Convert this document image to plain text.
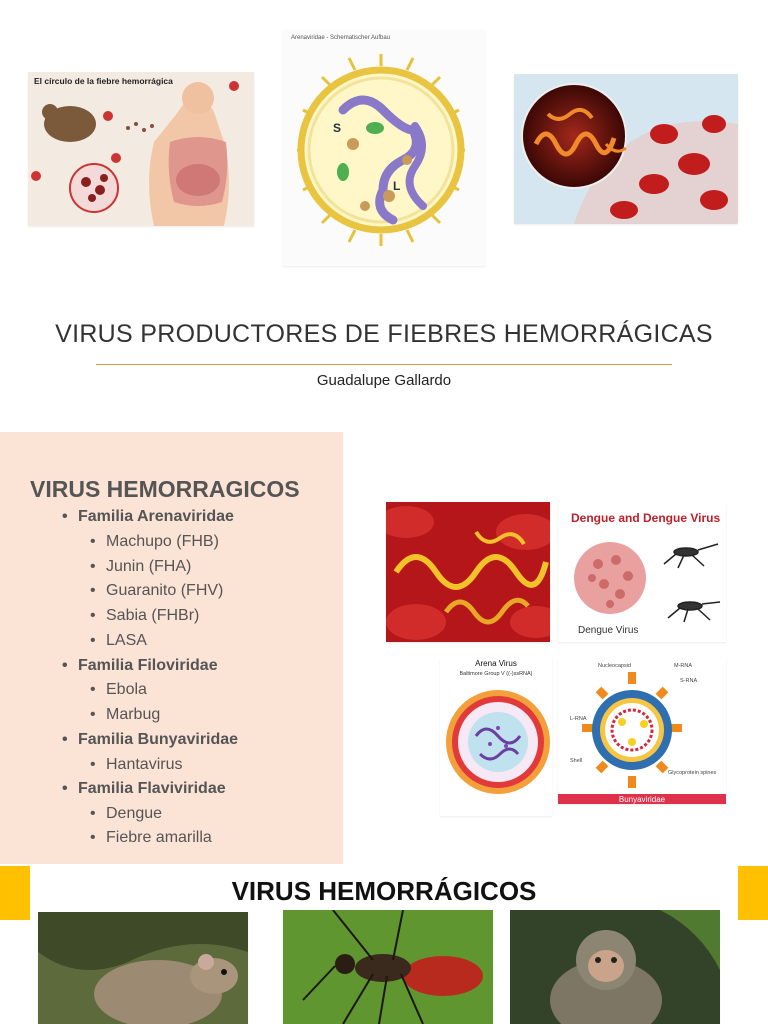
El círculo de la fiebre hemorrágica
Arenaviridae - Schematischer Aufbau
S
L
VIRUS PRODUCTORES DE FIEBRES HEMORRÁGICAS
Guadalupe Gallardo
VIRUS HEMORRAGICOS
• Familia Arenaviridae
• Machupo (FHB)
• Junin (FHA)
• Guaranito (FHV)
• Sabia (FHBr)
• LASA
• Familia Filoviridae
• Ebola
• Marbug
• Familia Bunyaviridae
• Hantavirus
• Familia Flaviviridae
• Dengue
• Fiebre amarilla
Dengue and Dengue Virus
Dengue Virus
Arena Virus
Baltimore Group V ((-)ssRNA)
Nucleocapsid	M-RNA
S-RNA
L-RNA
Shell
Glycoprotein spines
Bunyaviridae
VIRUS HEMORRÁGICOS
